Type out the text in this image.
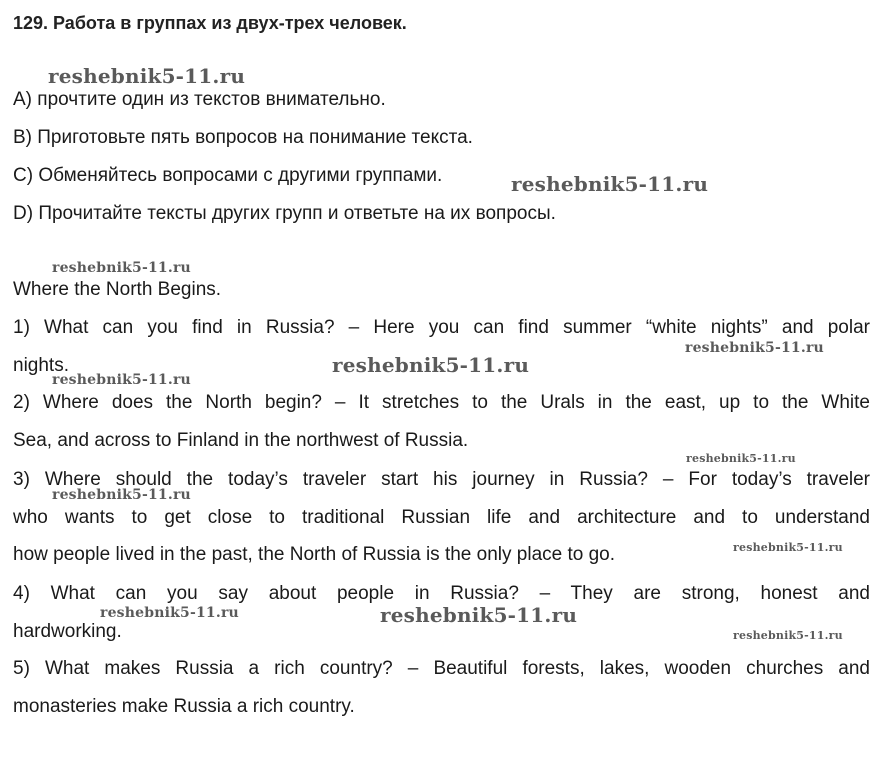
129. Работа в группах из двух-трех человек.
A) прочтите один из текстов внимательно.
B) Приготовьте пять вопросов на понимание текста.
C) Обменяйтесь вопросами с другими группами.
D) Прочитайте тексты других групп и ответьте на их вопросы.
Where the North Begins.
1) What can you find in Russia? – Here you can find summer “white nights” and polar
nights.
2) Where does the North begin? – It stretches to the Urals in the east, up to the White
Sea, and across to Finland in the northwest of Russia.
3) Where should the today’s traveler start his journey in Russia? – For today’s traveler
who wants to get close to traditional Russian life and architecture and to understand
how people lived in the past, the North of Russia is the only place to go.
4) What can you say about people in Russia? – They are strong, honest and
hardworking.
5) What makes Russia a rich country? – Beautiful forests, lakes, wooden churches and
monasteries make Russia a rich country.
reshebnik5-11.ru
reshebnik5-11.ru
reshebnik5-11.ru
reshebnik5-11.ru
reshebnik5-11.ru
reshebnik5-11.ru
reshebnik5-11.ru
reshebnik5-11.ru
reshebnik5-11.ru
reshebnik5-11.ru
reshebnik5-11.ru
reshebnik5-11.ru
